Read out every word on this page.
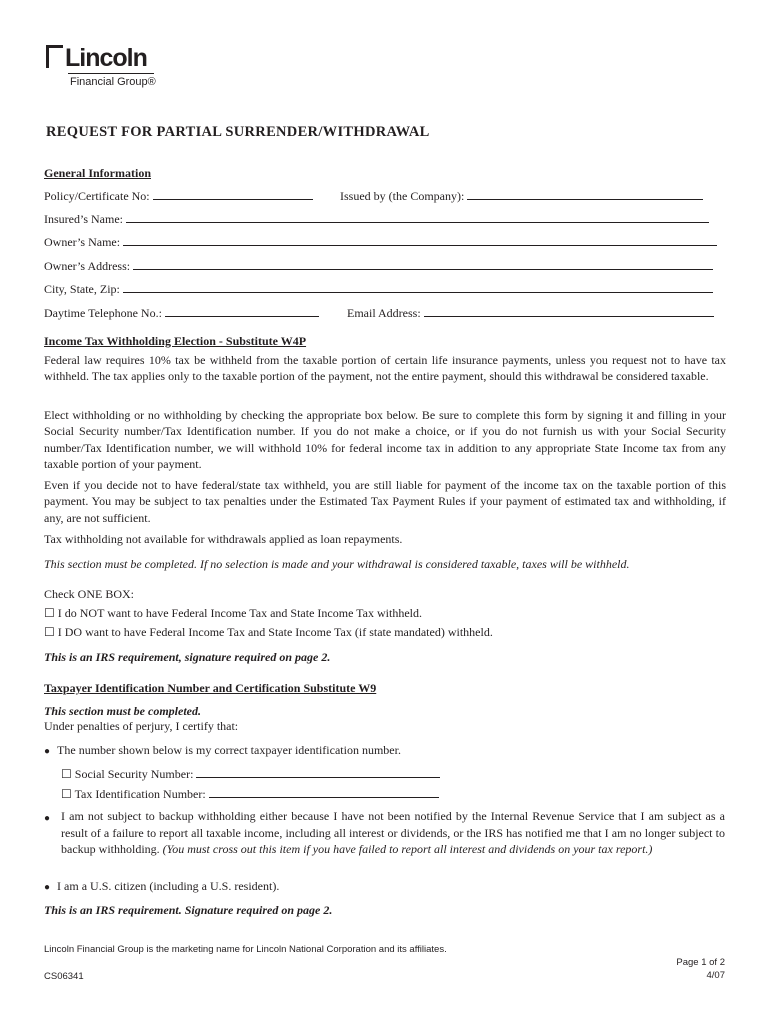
Lincoln
Financial Group®
REQUEST FOR PARTIAL SURRENDER/WITHDRAWAL
General Information
Policy/Certificate No:	Issued by (the Company):
Insured’s Name:
Owner’s Name:
Owner’s Address:
City, State, Zip:
Daytime Telephone No.:	Email Address:
Income Tax Withholding Election - Substitute W4P
Federal law requires 10% tax be withheld from the taxable portion of certain life insurance payments, unless you request not to have tax withheld. The tax applies only to the taxable portion of the payment, not the entire payment, should this withdrawal be considered taxable.
Elect withholding or no withholding by checking the appropriate box below. Be sure to complete this form by signing it and filling in your Social Security number/Tax Identification number. If you do not make a choice, or if you do not furnish us with your Social Security number/Tax Identification number, we will withhold 10% for federal income tax in addition to any appropriate State Income tax from any taxable portion of your payment.
Even if you decide not to have federal/state tax withheld, you are still liable for payment of the income tax on the taxable portion of this payment. You may be subject to tax penalties under the Estimated Tax Payment Rules if your payment of estimated tax and withholding, if any, are not sufficient.
Tax withholding not available for withdrawals applied as loan repayments.
This section must be completed. If no selection is made and your withdrawal is considered taxable, taxes will be withheld.
Check ONE BOX:
☐ I do NOT want to have Federal Income Tax and State Income Tax withheld.
☐ I DO want to have Federal Income Tax and State Income Tax (if state mandated) withheld.
This is an IRS requirement, signature required on page 2.
Taxpayer Identification Number and Certification Substitute W9
This section must be completed.
Under penalties of perjury, I certify that:
● The number shown below is my correct taxpayer identification number.
☐ Social Security Number:
☐ Tax Identification Number:
● I am not subject to backup withholding either because I have not been notified by the Internal Revenue Service that I am subject as a result of a failure to report all taxable income, including all interest or dividends, or the IRS has notified me that I am no longer subject to backup withholding. (You must cross out this item if you have failed to report all interest and dividends on your tax report.)
● I am a U.S. citizen (including a U.S. resident).
This is an IRS requirement. Signature required on page 2.
Lincoln Financial Group is the marketing name for Lincoln National Corporation and its affiliates.
CS06341
Page 1 of 2
4/07
